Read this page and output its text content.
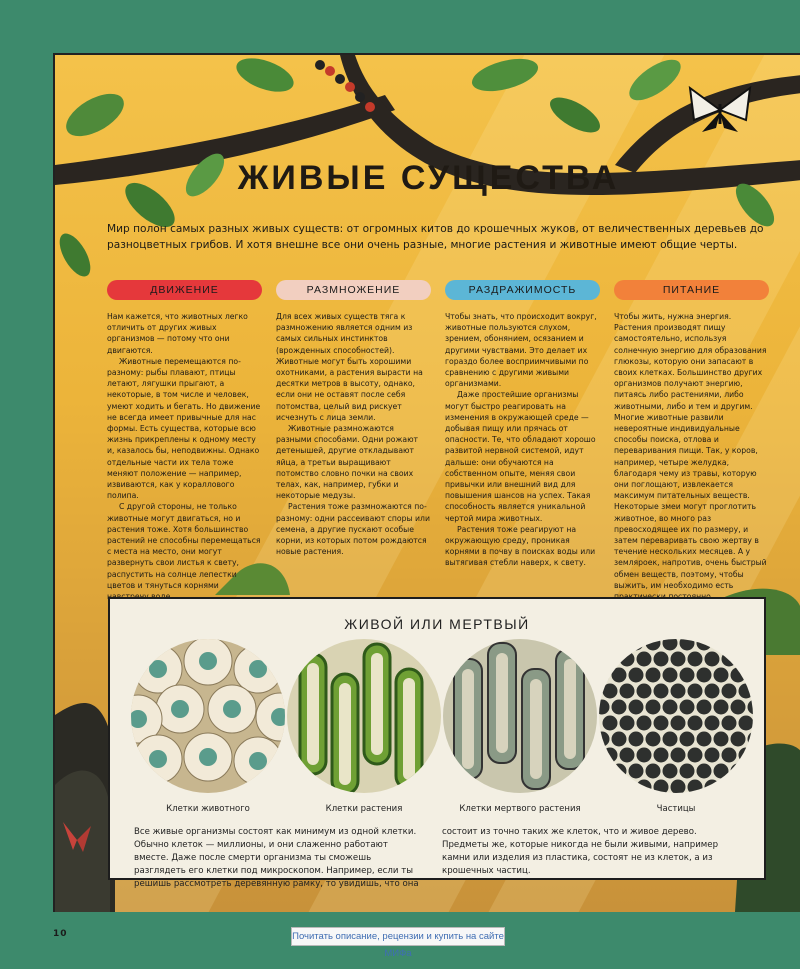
ЖИВЫЕ СУЩЕСТВА
Мир полон самых разных живых существ: от огромных китов до крошечных жуков, от величественных деревьев до разноцветных грибов. И хотя внешне все они очень разные, многие растения и животные имеют общие черты.
ДВИЖЕНИЕ

Нам кажется, что животных легко отличить от других живых организмов — потому что они двигаются.

Животные перемещаются по-разному: рыбы плавают, птицы летают, лягушки прыгают, а некоторые, в том числе и человек, умеют ходить и бегать. Но движение не всегда имеет привычные для нас формы. Есть существа, которые всю жизнь прикреплены к одному месту и, казалось бы, неподвижны. Однако отдельные части их тела тоже меняют положение — например, извиваются, как у кораллового полипа.

С другой стороны, не только животные могут двигаться, но и растения тоже. Хотя большинство растений не способны перемещаться с места на место, они могут развернуть свои листья к свету, распустить на солнце лепестки цветов и тянуться корнями

РАЗМНОЖЕНИЕ

Для всех живых существ тяга к размножению является одним из самых сильных инстинктов (врожденных способностей). Животные могут быть хорошими охотниками, а растения вырасти на десятки метров в высоту, однако, если они не оставят после себя потомства, целый вид рискует исчезнуть с лица земли.

Животные размножаются разными способами. Одни рожают детенышей, другие откладывают яйца, а третьи выращивают потомство словно почки на своих телах, как, например, губки и некоторые медузы.

Растения тоже размножаются по-разному: одни рассеивают споры или семена, а другие пускают особые корни, из которых потом рождаются новые растения.

РАЗДРАЖИМОСТЬ

Чтобы знать, что происходит вокруг, животные пользуются слухом, зрением, обонянием, осязанием и другими чувствами. Это делает их гораздо более восприимчивыми по сравнению с другими живыми организмами.

Даже простейшие организмы могут быстро реагировать на изменения в окружающей среде — добывая пищу или прячась от опасности. Те, что обладают хорошо развитой нервной системой, идут дальше: они обучаются на собственном опыте, меняя свои привычки или внешний вид для повышения шансов на успех. Такая способность является уникальной чертой мира животных.

Растения тоже реагируют на окружающую среду, проникая корнями в почву в поисках воды или вытягивая стебли наверх, к свету.

ПИТАНИЕ

Чтобы жить, нужна энергия. Растения производят пищу самостоятельно, используя солнечную энергию для образования глюкозы, которую они запасают в своих клетках. Большинство других организмов получают энергию, питаясь либо растениями, либо животными, либо и тем и другим. Многие животные развили невероятные индивидуальные способы поиска, отлова и переваривания пищи. Так, у коров, например, четыре желудка, благодаря чему из травы, которую они поглощают, извлекается максимум питательных веществ. Некоторые змеи могут проглотить животное, во много раз превосходящее их по размеру, и затем переваривать свою жертву в течение нескольких месяцев. А у земляроек, напротив, очень быстрый обмен веществ, поэтому, чтобы выжить, им необходимо есть

ЖИВОЙ ИЛИ МЕРТВЫЙ
Клетки животного	Клетки растения	Клетки мертвого растения	Частицы
Все живые организмы состоят как минимум из одной клетки. Обычно клеток — миллионы, и они слаженно работают вместе. Даже после смерти организма ты сможешь разглядеть его клетки под микроскопом. Например, если ты решишь рассмотреть деревянную рамку, то увидишь, что она
состоит из точно таких же клеток, что и живое дерево. Предметы же, которые никогда не были живыми, например камни или изделия из пластика, состоят не из клеток, а из крошечных частиц.
10	Почитать описание, рецензии и купить на сайте МИФа
